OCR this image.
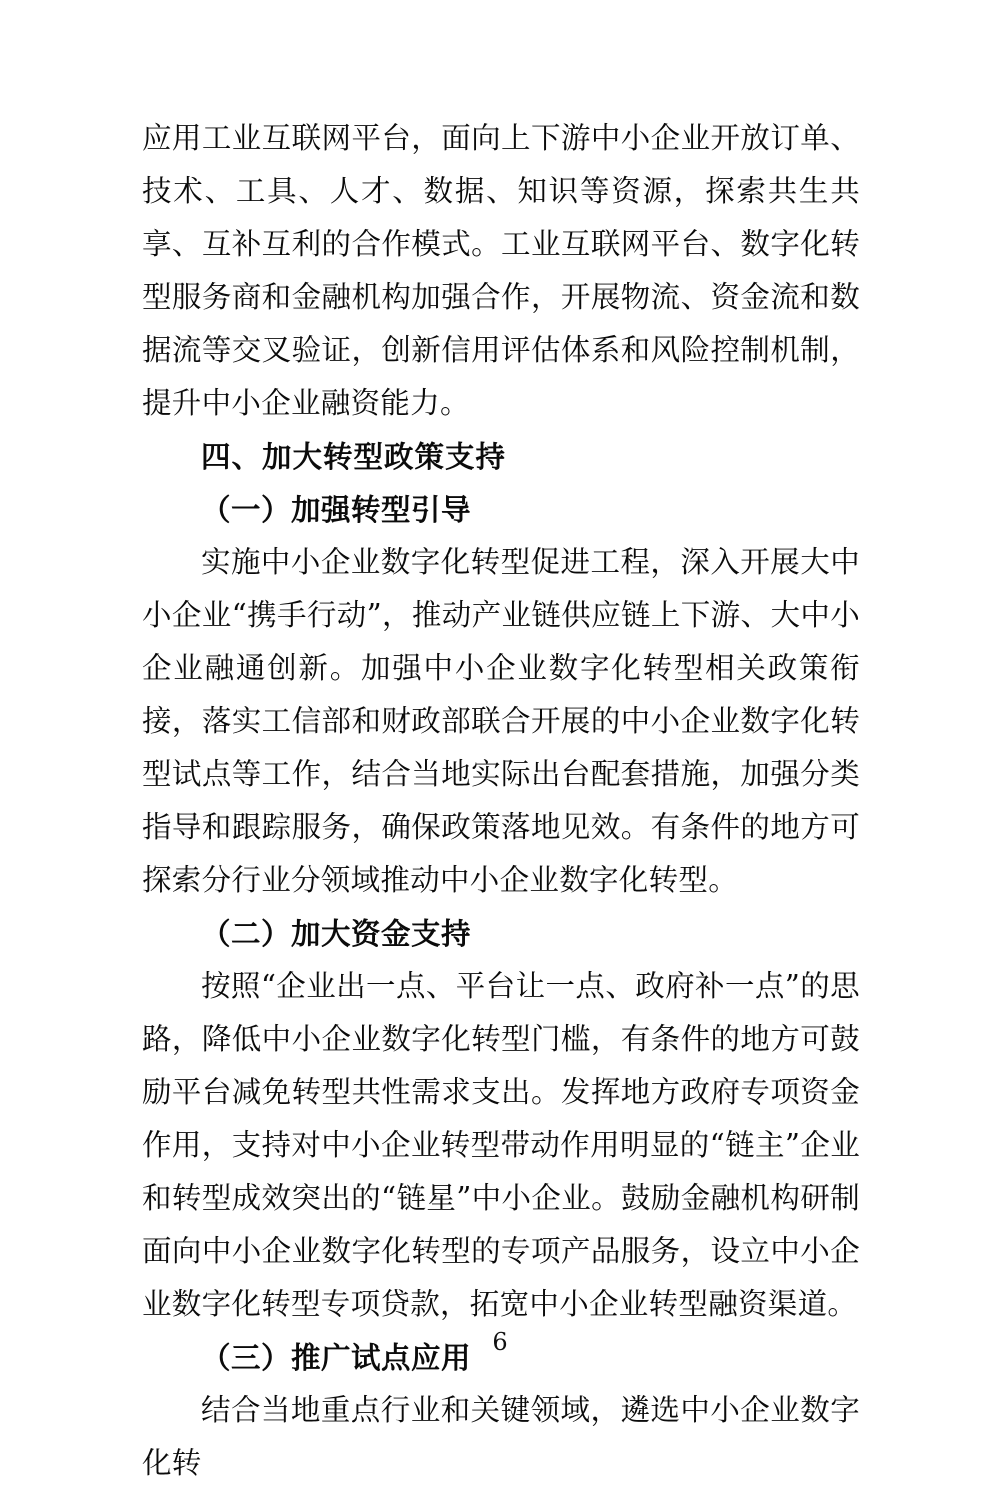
应用工业互联网平台，面向上下游中小企业开放订单、技术、工具、人才、数据、知识等资源，探索共生共享、互补互利的合作模式。工业互联网平台、数字化转型服务商和金融机构加强合作，开展物流、资金流和数据流等交叉验证，创新信用评估体系和风险控制机制，提升中小企业融资能力。

四、加大转型政策支持

（一）加强转型引导

实施中小企业数字化转型促进工程，深入开展大中小企业“携手行动”，推动产业链供应链上下游、大中小企业融通创新。加强中小企业数字化转型相关政策衔接，落实工信部和财政部联合开展的中小企业数字化转型试点等工作，结合当地实际出台配套措施，加强分类指导和跟踪服务，确保政策落地见效。有条件的地方可探索分行业分领域推动中小企业数字化转型。

（二）加大资金支持

按照“企业出一点、平台让一点、政府补一点”的思路，降低中小企业数字化转型门槛，有条件的地方可鼓励平台减免转型共性需求支出。发挥地方政府专项资金作用，支持对中小企业转型带动作用明显的“链主”企业和转型成效突出的“链星”中小企业。鼓励金融机构研制面向中小企业数字化转型的专项产品服务，设立中小企业数字化转型专项贷款，拓宽中小企业转型融资渠道。

（三）推广试点应用

结合当地重点行业和关键领域，遴选中小企业数字化转

6
